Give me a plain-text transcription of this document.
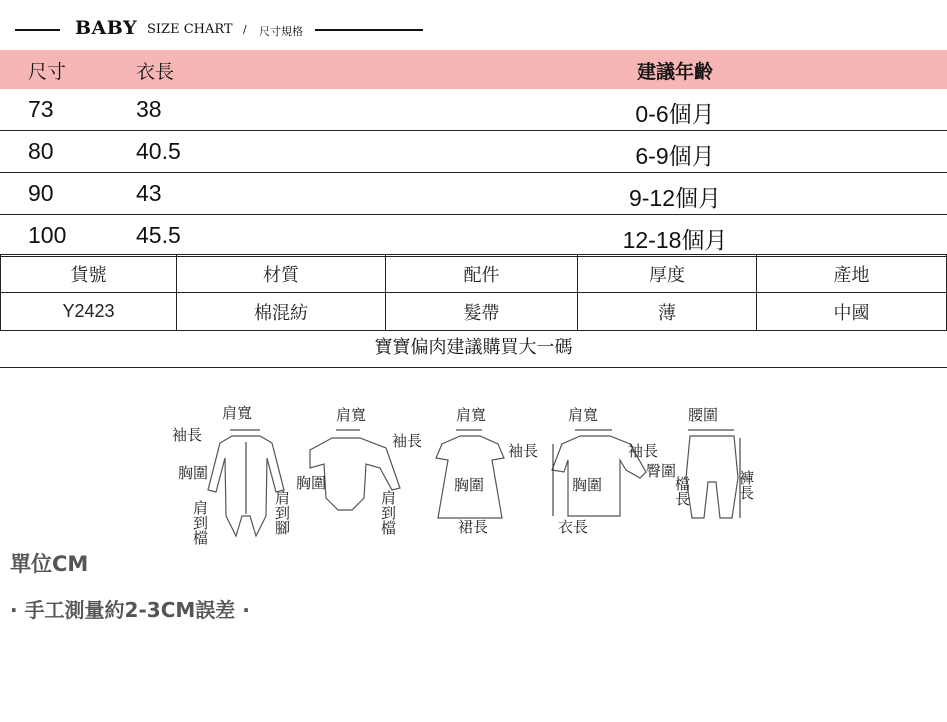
BABY SIZE CHART / 尺寸規格
尺寸	衣長	建議年齡
73	38	0-6個月
80	40.5	6-9個月
90	43	9-12個月
100	45.5	12-18個月
貨號	材質	配件	厚度	產地
Y2423	棉混紡	髮帶	薄	中國
寶寶偏肉建議購買大一碼
肩寬
袖長
胸圍
肩到檔	肩到腳
肩寬
袖長
胸圍
肩到檔
肩寬
袖長
胸圍
裙長
肩寬
袖長
胸圍
衣長
腰圍
臀圍
檔長	褲長
單位CM
· 手工測量約2-3CM誤差 ·
